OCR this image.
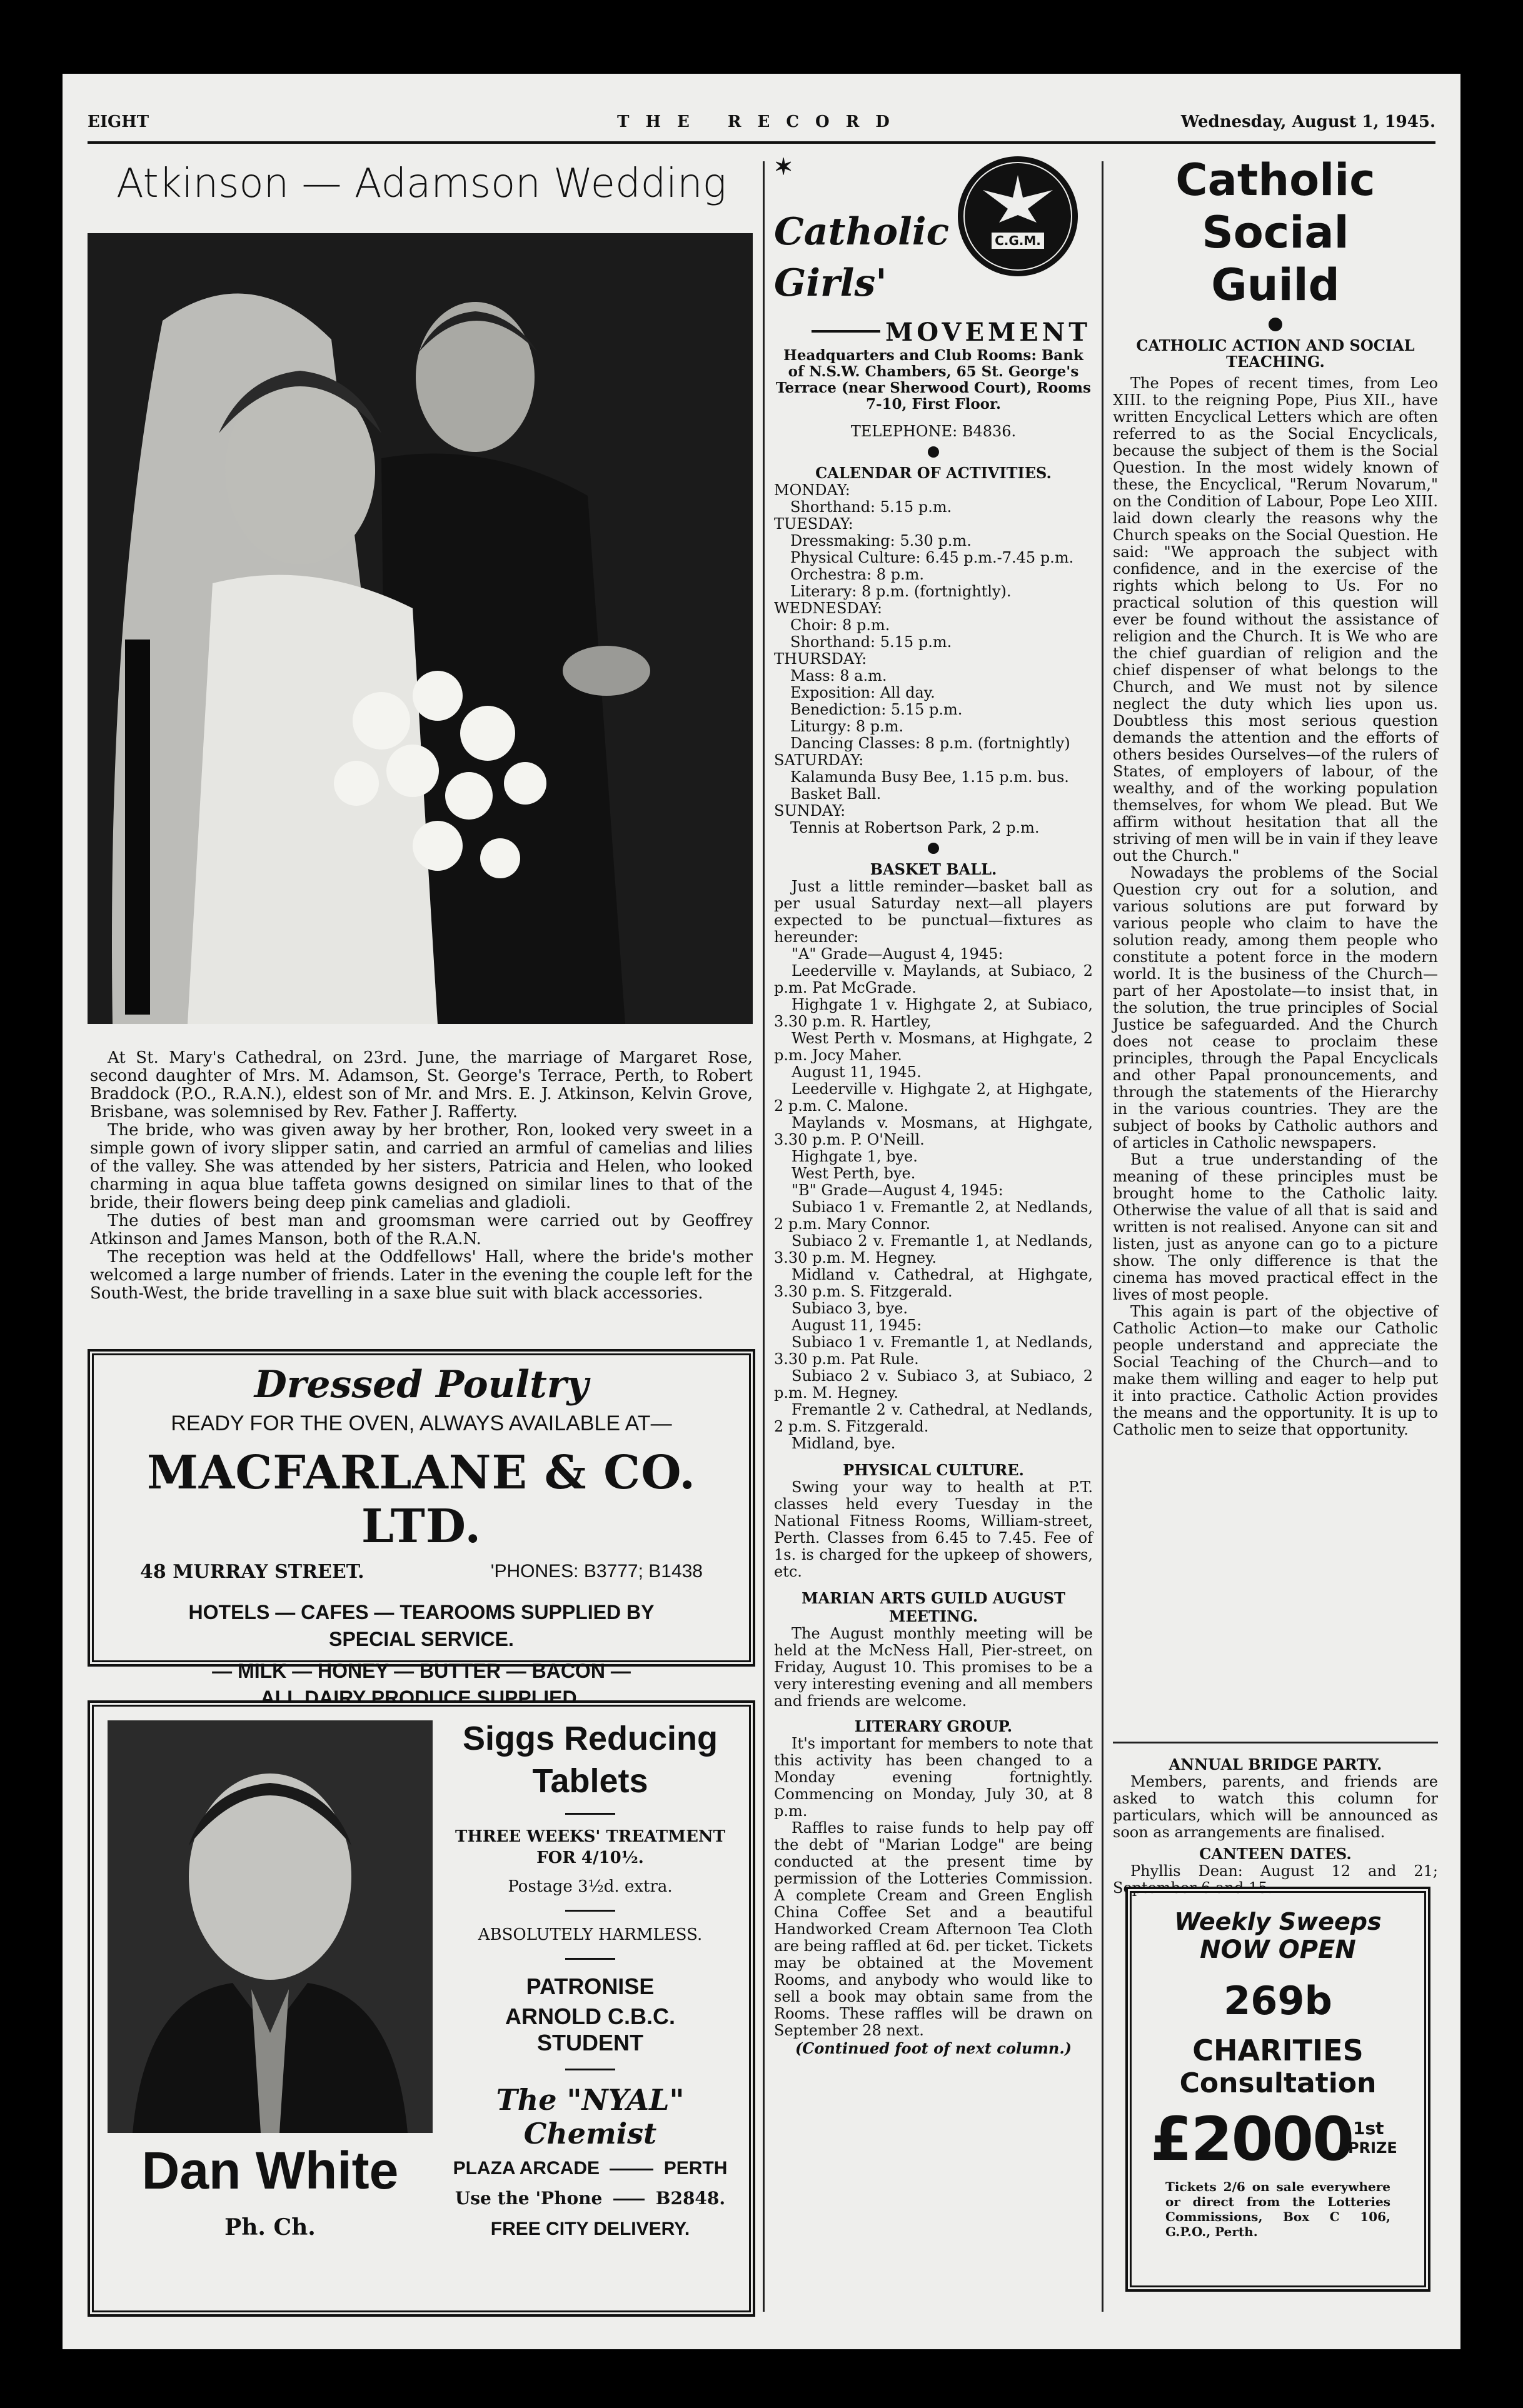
EIGHT	THE RECORD	Wednesday, August 1, 1945.
Atkinson — Adamson Wedding

At St. Mary's Cathedral, on 23rd. June, the marriage of Margaret Rose, second daughter of Mrs. M. Adamson, St. George's Terrace, Perth, to Robert Braddock (P.O., R.A.N.), eldest son of Mr. and Mrs. E. J. Atkinson, Kelvin Grove, Brisbane, was solemnised by Rev. Father J. Rafferty.

The bride, who was given away by her brother, Ron, looked very sweet in a simple gown of ivory slipper satin, and carried an armful of camelias and lilies of the valley. She was attended by her sisters, Patricia and Helen, who looked charming in aqua blue taffeta gowns designed on similar lines to that of the bride, their flowers being deep pink camelias and gladioli.

The duties of best man and groomsman were carried out by Geoffrey Atkinson and James Manson, both of the R.A.N.

The reception was held at the Oddfellows' Hall, where the bride's mother welcomed a large number of friends. Later in the evening the couple left for the South-West, the bride travelling in a saxe blue suit with black accessories.

Dressed Poultry
READY FOR THE OVEN, ALWAYS AVAILABLE AT—
MACFARLANE & CO. LTD.
48 MURRAY STREET.	'PHONES: B3777; B1438
HOTELS — CAFES — TEAROOMS SUPPLIED BY
SPECIAL SERVICE.
— MILK — HONEY — BUTTER — BACON —
ALL DAIRY PRODUCE SUPPLIED.
Dan White
Ph. Ch.
Siggs Reducing
Tablets
THREE WEEKS' TREATMENT
FOR 4/10½.
Postage 3½d. extra.
ABSOLUTELY HARMLESS.
PATRONISE
ARNOLD C.B.C. STUDENT
The "NYAL" Chemist
PLAZA ARCADE	PERTH
Use the 'Phone	B2848.
FREE CITY DELIVERY.
✶
Catholic
Girls'
C.G.M.
MOVEMENT

Headquarters and Club Rooms: Bank of N.S.W. Chambers, 65 St. George's Terrace (near Sherwood Court), Rooms 7-10, First Floor.

TELEPHONE: B4836.

CALENDAR OF ACTIVITIES.

MONDAY:
Shorthand: 5.15 p.m.
TUESDAY:
Dressmaking: 5.30 p.m.
Physical Culture: 6.45 p.m.-7.45 p.m.
Orchestra: 8 p.m.
Literary: 8 p.m. (fortnightly).
WEDNESDAY:
Choir: 8 p.m.
Shorthand: 5.15 p.m.
THURSDAY:
Mass: 8 a.m.
Exposition: All day.
Benediction: 5.15 p.m.
Liturgy: 8 p.m.
Dancing Classes: 8 p.m. (fortnightly)
SATURDAY:
Kalamunda Busy Bee, 1.15 p.m. bus.
Basket Ball.
SUNDAY:
Tennis at Robertson Park, 2 p.m.

BASKET BALL.

Just a little reminder—basket ball as per usual Saturday next—all players expected to be punctual—fixtures as hereunder:

"A" Grade—August 4, 1945:

Leederville v. Maylands, at Subiaco, 2 p.m. Pat McGrade.

Highgate 1 v. Highgate 2, at Subiaco, 3.30 p.m. R. Hartley,

West Perth v. Mosmans, at Highgate, 2 p.m. Jocy Maher.

August 11, 1945.

Leederville v. Highgate 2, at Highgate, 2 p.m. C. Malone.

Maylands v. Mosmans, at Highgate, 3.30 p.m. P. O'Neill.

Highgate 1, bye.

West Perth, bye.

"B" Grade—August 4, 1945:

Subiaco 1 v. Fremantle 2, at Nedlands, 2 p.m. Mary Connor.

Subiaco 2 v. Fremantle 1, at Nedlands, 3.30 p.m. M. Hegney.

Midland v. Cathedral, at Highgate, 3.30 p.m. S. Fitzgerald.

Subiaco 3, bye.

August 11, 1945:

Subiaco 1 v. Fremantle 1, at Nedlands, 3.30 p.m. Pat Rule.

Subiaco 2 v. Subiaco 3, at Subiaco, 2 p.m. M. Hegney.

Fremantle 2 v. Cathedral, at Nedlands, 2 p.m. S. Fitzgerald.

Midland, bye.

PHYSICAL CULTURE.

Swing your way to health at P.T. classes held every Tuesday in the National Fitness Rooms, William-street, Perth. Classes from 6.45 to 7.45. Fee of 1s. is charged for the upkeep of showers, etc.

MARIAN ARTS GUILD AUGUST MEETING.

The August monthly meeting will be held at the McNess Hall, Pier-street, on Friday, August 10. This promises to be a very interesting evening and all members and friends are welcome.

LITERARY GROUP.

It's important for members to note that this activity has been changed to a Monday evening fortnightly. Commencing on Monday, July 30, at 8 p.m.

Raffles to raise funds to help pay off the debt of "Marian Lodge" are being conducted at the present time by permission of the Lotteries Commission. A complete Cream and Green English China Coffee Set and a beautiful Handworked Cream Afternoon Tea Cloth are being raffled at 6d. per ticket. Tickets may be obtained at the Movement Rooms, and anybody who would like to sell a book may obtain same from the Rooms. These raffles will be drawn on September 28 next.

(Continued foot of next column.)

Catholic Social
Guild

CATHOLIC ACTION AND SOCIAL TEACHING.

The Popes of recent times, from Leo XIII. to the reigning Pope, Pius XII., have written Encyclical Letters which are often referred to as the Social Encyclicals, because the subject of them is the Social Question. In the most widely known of these, the Encyclical, "Rerum Novarum," on the Condition of Labour, Pope Leo XIII. laid down clearly the reasons why the Church speaks on the Social Question. He said: "We approach the subject with confidence, and in the exercise of the rights which belong to Us. For no practical solution of this question will ever be found without the assistance of religion and the Church. It is We who are the chief guardian of religion and the chief dispenser of what belongs to the Church, and We must not by silence neglect the duty which lies upon us. Doubtless this most serious question demands the attention and the efforts of others besides Ourselves—of the rulers of States, of employers of labour, of the wealthy, and of the working population themselves, for whom We plead. But We affirm without hesitation that all the striving of men will be in vain if they leave out the Church."

Nowadays the problems of the Social Question cry out for a solution, and various solutions are put forward by various people who claim to have the solution ready, among them people who constitute a potent force in the modern world. It is the business of the Church—part of her Apostolate—to insist that, in the solution, the true principles of Social Justice be safeguarded. And the Church does not cease to proclaim these principles, through the Papal Encyclicals and other Papal pronouncements, and through the statements of the Hierarchy in the various countries. They are the subject of books by Catholic authors and of articles in Catholic newspapers.

But a true understanding of the meaning of these principles must be brought home to the Catholic laity. Otherwise the value of all that is said and written is not realised. Anyone can sit and listen, just as anyone can go to a picture show. The only difference is that the cinema has moved practical effect in the lives of most people.

This again is part of the objective of Catholic Action—to make our Catholic people understand and appreciate the Social Teaching of the Church—and to make them willing and eager to help put it into practice. Catholic Action provides the means and the opportunity. It is up to Catholic men to seize that opportunity.

ANNUAL BRIDGE PARTY.

Members, parents, and friends are asked to watch this column for particulars, which will be announced as soon as arrangements are finalised.

CANTEEN DATES.

Phyllis Dean: August 12 and 21; September 6 and 15.

Weekly Sweeps
NOW OPEN
269b
CHARITIES
Consultation
£2000 1st
PRIZE

Tickets 2/6 on sale everywhere or direct from the Lotteries Commissions, Box C 106, G.P.O., Perth.
